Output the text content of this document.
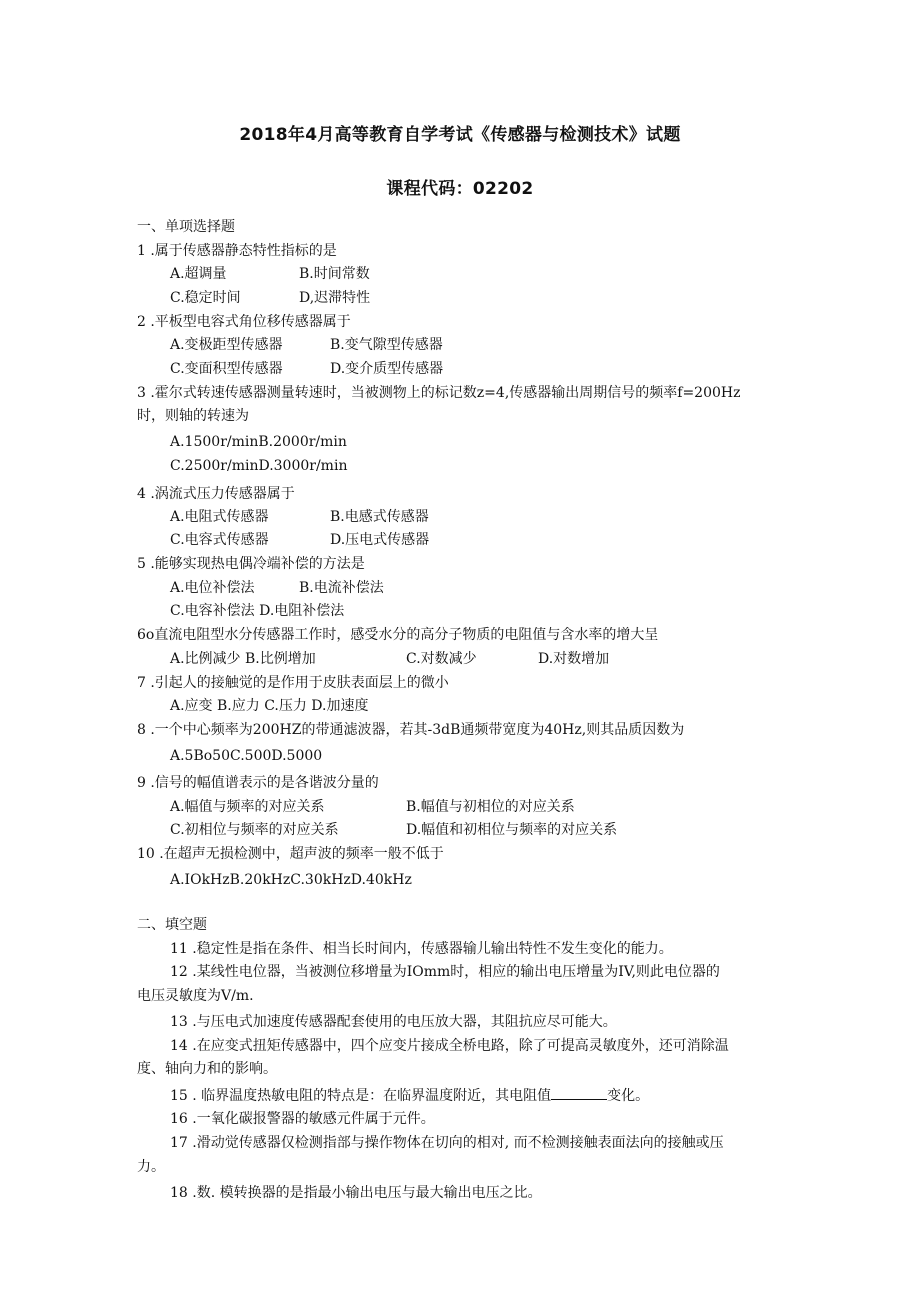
2018年4月高等教育自学考试《传感器与检测技术》试题
课程代码：02202
一、单项选择题
1 .属于传感器静态特性指标的是
A.超调量	B.时间常数
C.稳定时间	D,迟滞特性
2 .平板型电容式角位移传感器属于
A.变极距型传感器	B.变气隙型传感器
C.变面积型传感器	D.变介质型传感器
3 .霍尔式转速传感器测量转速时，当被测物上的标记数z=4,传感器输出周期信号的频率f=200Hz
时，则轴的转速为
A.1500r/minB.2000r/min
C.2500r/minD.3000r/min
4 .涡流式压力传感器属于
A.电阻式传感器	B.电感式传感器
C.电容式传感器	D.压电式传感器
5 .能够实现热电偶冷端补偿的方法是
A.电位补偿法	B.电流补偿法
C.电容补偿法 D.电阻补偿法
6o直流电阻型水分传感器工作时，感受水分的高分子物质的电阻值与含水率的增大呈
A.比例减少 B.比例增加	C.对数减少	D.对数增加
7 .引起人的接触觉的是作用于皮肤表面层上的微小
A.应变 B.应力 C.压力 D.加速度
8 .一个中心频率为200HZ的带通滤波器，若其-3dB通频带宽度为40Hz,则其品质因数为
A.5Bo50C.500D.5000
9 .信号的幅值谱表示的是各谐波分量的
A.幅值与频率的对应关系	B.幅值与初相位的对应关系
C.初相位与频率的对应关系	D.幅值和初相位与频率的对应关系
10 .在超声无损检测中，超声波的频率一般不低于
A.IOkHzB.20kHzC.30kHzD.40kHz
二、填空题
11 .稳定性是指在条件、相当长时间内，传感器输儿输出特性不发生变化的能力。
12 .某线性电位器，当被测位移增量为IOmm时，相应的输出电压增量为IV,则此电位器的
电压灵敏度为V/m.
13 .与压电式加速度传感器配套使用的电压放大器，其阻抗应尽可能大。
14 .在应变式扭矩传感器中，四个应变片接成全桥电路，除了可提高灵敏度外，还可消除温
度、轴向力和的影响。
15 . 临界温度热敏电阻的特点是：在临界温度附近，其电阻值	变化。
16 .一氧化碳报警器的敏感元件属于元件。
17 .滑动觉传感器仅检测指部与操作物体在切向的相对, 而不检测接触表面法向的接触或压
力。
18 .数. 模转换器的是指最小输出电压与最大输出电压之比。
